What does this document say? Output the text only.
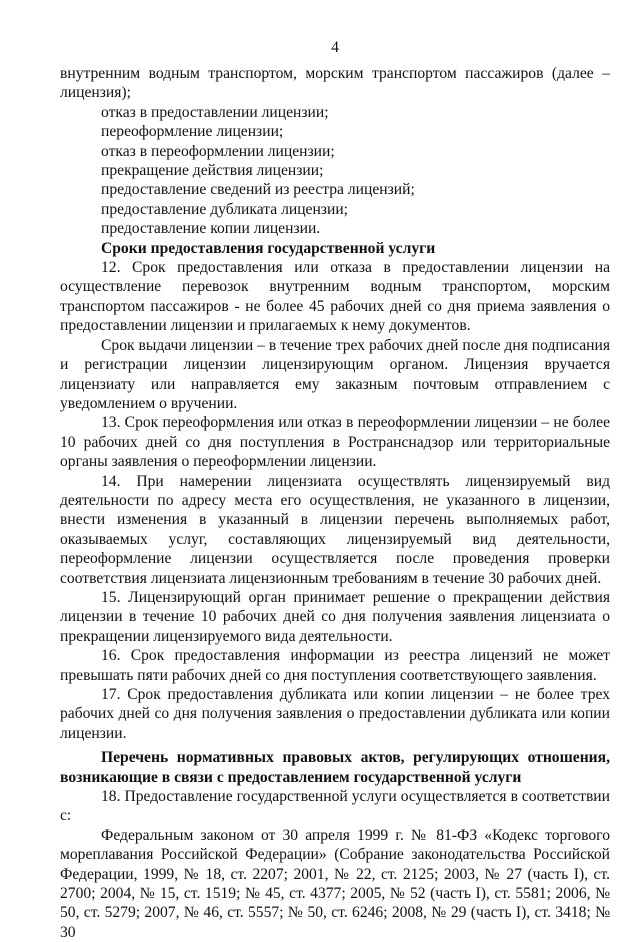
4

внутренним водным транспортом, морским транспортом пассажиров (далее – лицензия);

отказ в предоставлении лицензии;

переоформление лицензии;

отказ в переоформлении лицензии;

прекращение действия лицензии;

предоставление сведений из реестра лицензий;

предоставление дубликата лицензии;

предоставление копии лицензии.

Сроки предоставления государственной услуги

12. Срок предоставления или отказа в предоставлении лицензии на осуществление перевозок внутренним водным транспортом, морским транспортом пассажиров - не более 45 рабочих дней со дня приема заявления о предоставлении лицензии и прилагаемых к нему документов.

Срок выдачи лицензии – в течение трех рабочих дней после дня подписания и регистрации лицензии лицензирующим органом. Лицензия вручается лицензиату или направляется ему заказным почтовым отправлением с уведомлением о вручении.

13. Срок переоформления или отказ в переоформлении лицензии – не более 10 рабочих дней со дня поступления в Ространснадзор или территориальные органы заявления о переоформлении лицензии.

14. При намерении лицензиата осуществлять лицензируемый вид деятельности по адресу места его осуществления, не указанного в лицензии, внести изменения в указанный в лицензии перечень выполняемых работ, оказываемых услуг, составляющих лицензируемый вид деятельности, переоформление лицензии осуществляется после проведения проверки соответствия лицензиата лицензионным требованиям в течение 30 рабочих дней.

15. Лицензирующий орган принимает решение о прекращении действия лицензии в течение 10 рабочих дней со дня получения заявления лицензиата о прекращении лицензируемого вида деятельности.

16. Срок предоставления информации из реестра лицензий не может превышать пяти рабочих дней со дня поступления соответствующего заявления.

17. Срок предоставления дубликата или копии лицензии – не более трех рабочих дней со дня получения заявления о предоставлении дубликата или копии лицензии.

Перечень нормативных правовых актов, регулирующих отношения, возникающие в связи с предоставлением государственной услуги

18. Предоставление государственной услуги осуществляется в соответствии с:

Федеральным законом от 30 апреля 1999 г. № 81-ФЗ «Кодекс торгового мореплавания Российской Федерации» (Собрание законодательства Российской Федерации, 1999, № 18, ст. 2207; 2001, № 22, ст. 2125; 2003, № 27 (часть I), ст. 2700; 2004, № 15, ст. 1519; № 45, ст. 4377; 2005, № 52 (часть I), ст. 5581; 2006, № 50, ст. 5279; 2007, № 46, ст. 5557; № 50, ст. 6246; 2008, № 29 (часть I), ст. 3418; № 30
